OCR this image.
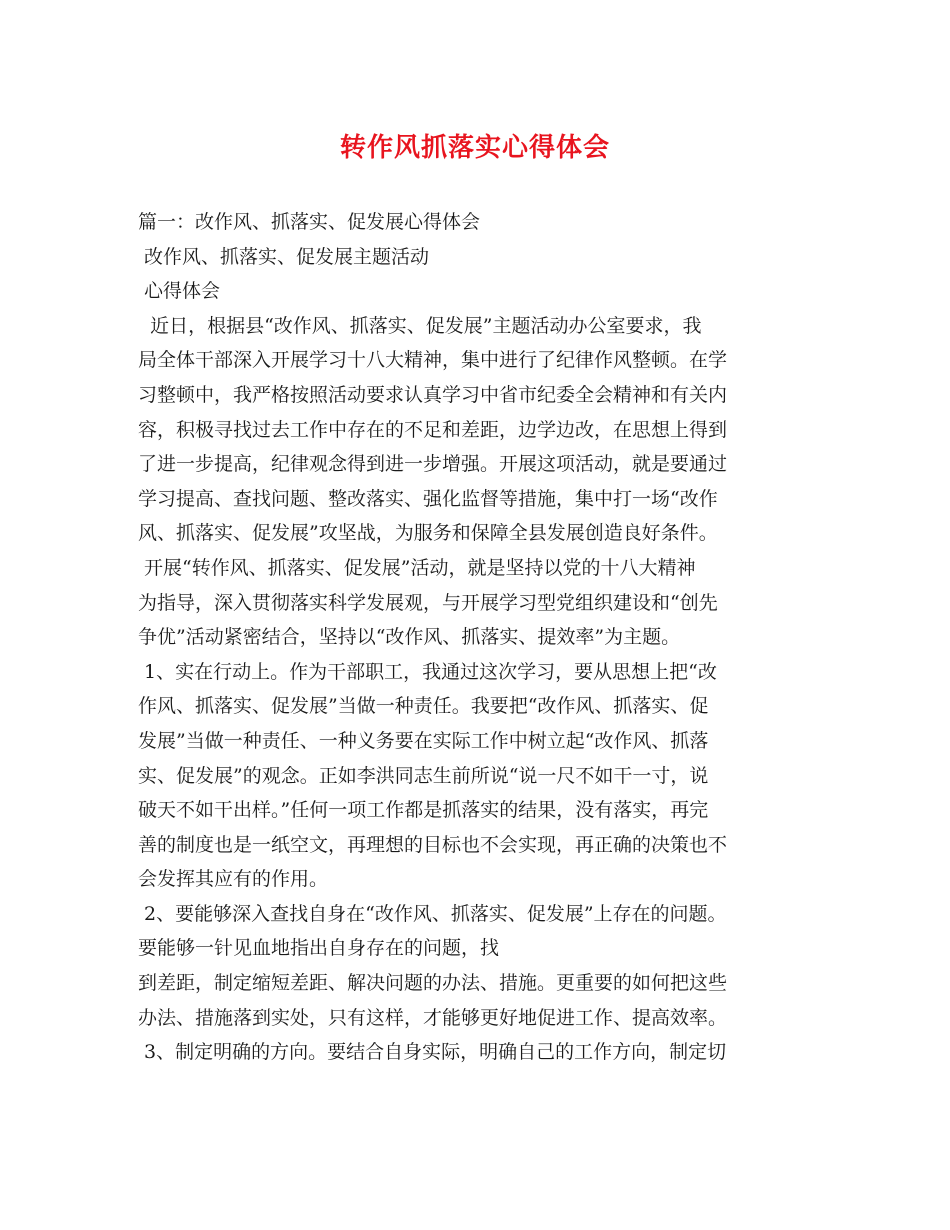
转作风抓落实心得体会

篇一：改作风、抓落实、促发展心得体会

改作风、抓落实、促发展主题活动

心得体会

近日，根据县“改作风、抓落实、促发展”主题活动办公室要求，我

局全体干部深入开展学习十八大精神，集中进行了纪律作风整顿。在学

习整顿中，我严格按照活动要求认真学习中省市纪委全会精神和有关内

容，积极寻找过去工作中存在的不足和差距，边学边改，在思想上得到

了进一步提高，纪律观念得到进一步增强。开展这项活动，就是要通过

学习提高、查找问题、整改落实、强化监督等措施，集中打一场“改作

风、抓落实、促发展”攻坚战，为服务和保障全县发展创造良好条件。

开展“转作风、抓落实、促发展”活动，就是坚持以党的十八大精神

为指导，深入贯彻落实科学发展观，与开展学习型党组织建设和“创先

争优”活动紧密结合，坚持以“改作风、抓落实、提效率”为主题。

1、实在行动上。作为干部职工，我通过这次学习，要从思想上把“改

作风、抓落实、促发展”当做一种责任。我要把“改作风、抓落实、促

发展”当做一种责任、一种义务要在实际工作中树立起“改作风、抓落

实、促发展”的观念。正如李洪同志生前所说“说一尺不如干一寸，说

破天不如干出样。”任何一项工作都是抓落实的结果，没有落实，再完

善的制度也是一纸空文，再理想的目标也不会实现，再正确的决策也不

会发挥其应有的作用。

2、要能够深入查找自身在“改作风、抓落实、促发展”上存在的问题。

要能够一针见血地指出自身存在的问题，找

到差距，制定缩短差距、解决问题的办法、措施。更重要的如何把这些

办法、措施落到实处，只有这样，才能够更好地促进工作、提高效率。

3、制定明确的方向。要结合自身实际，明确自己的工作方向，制定切
